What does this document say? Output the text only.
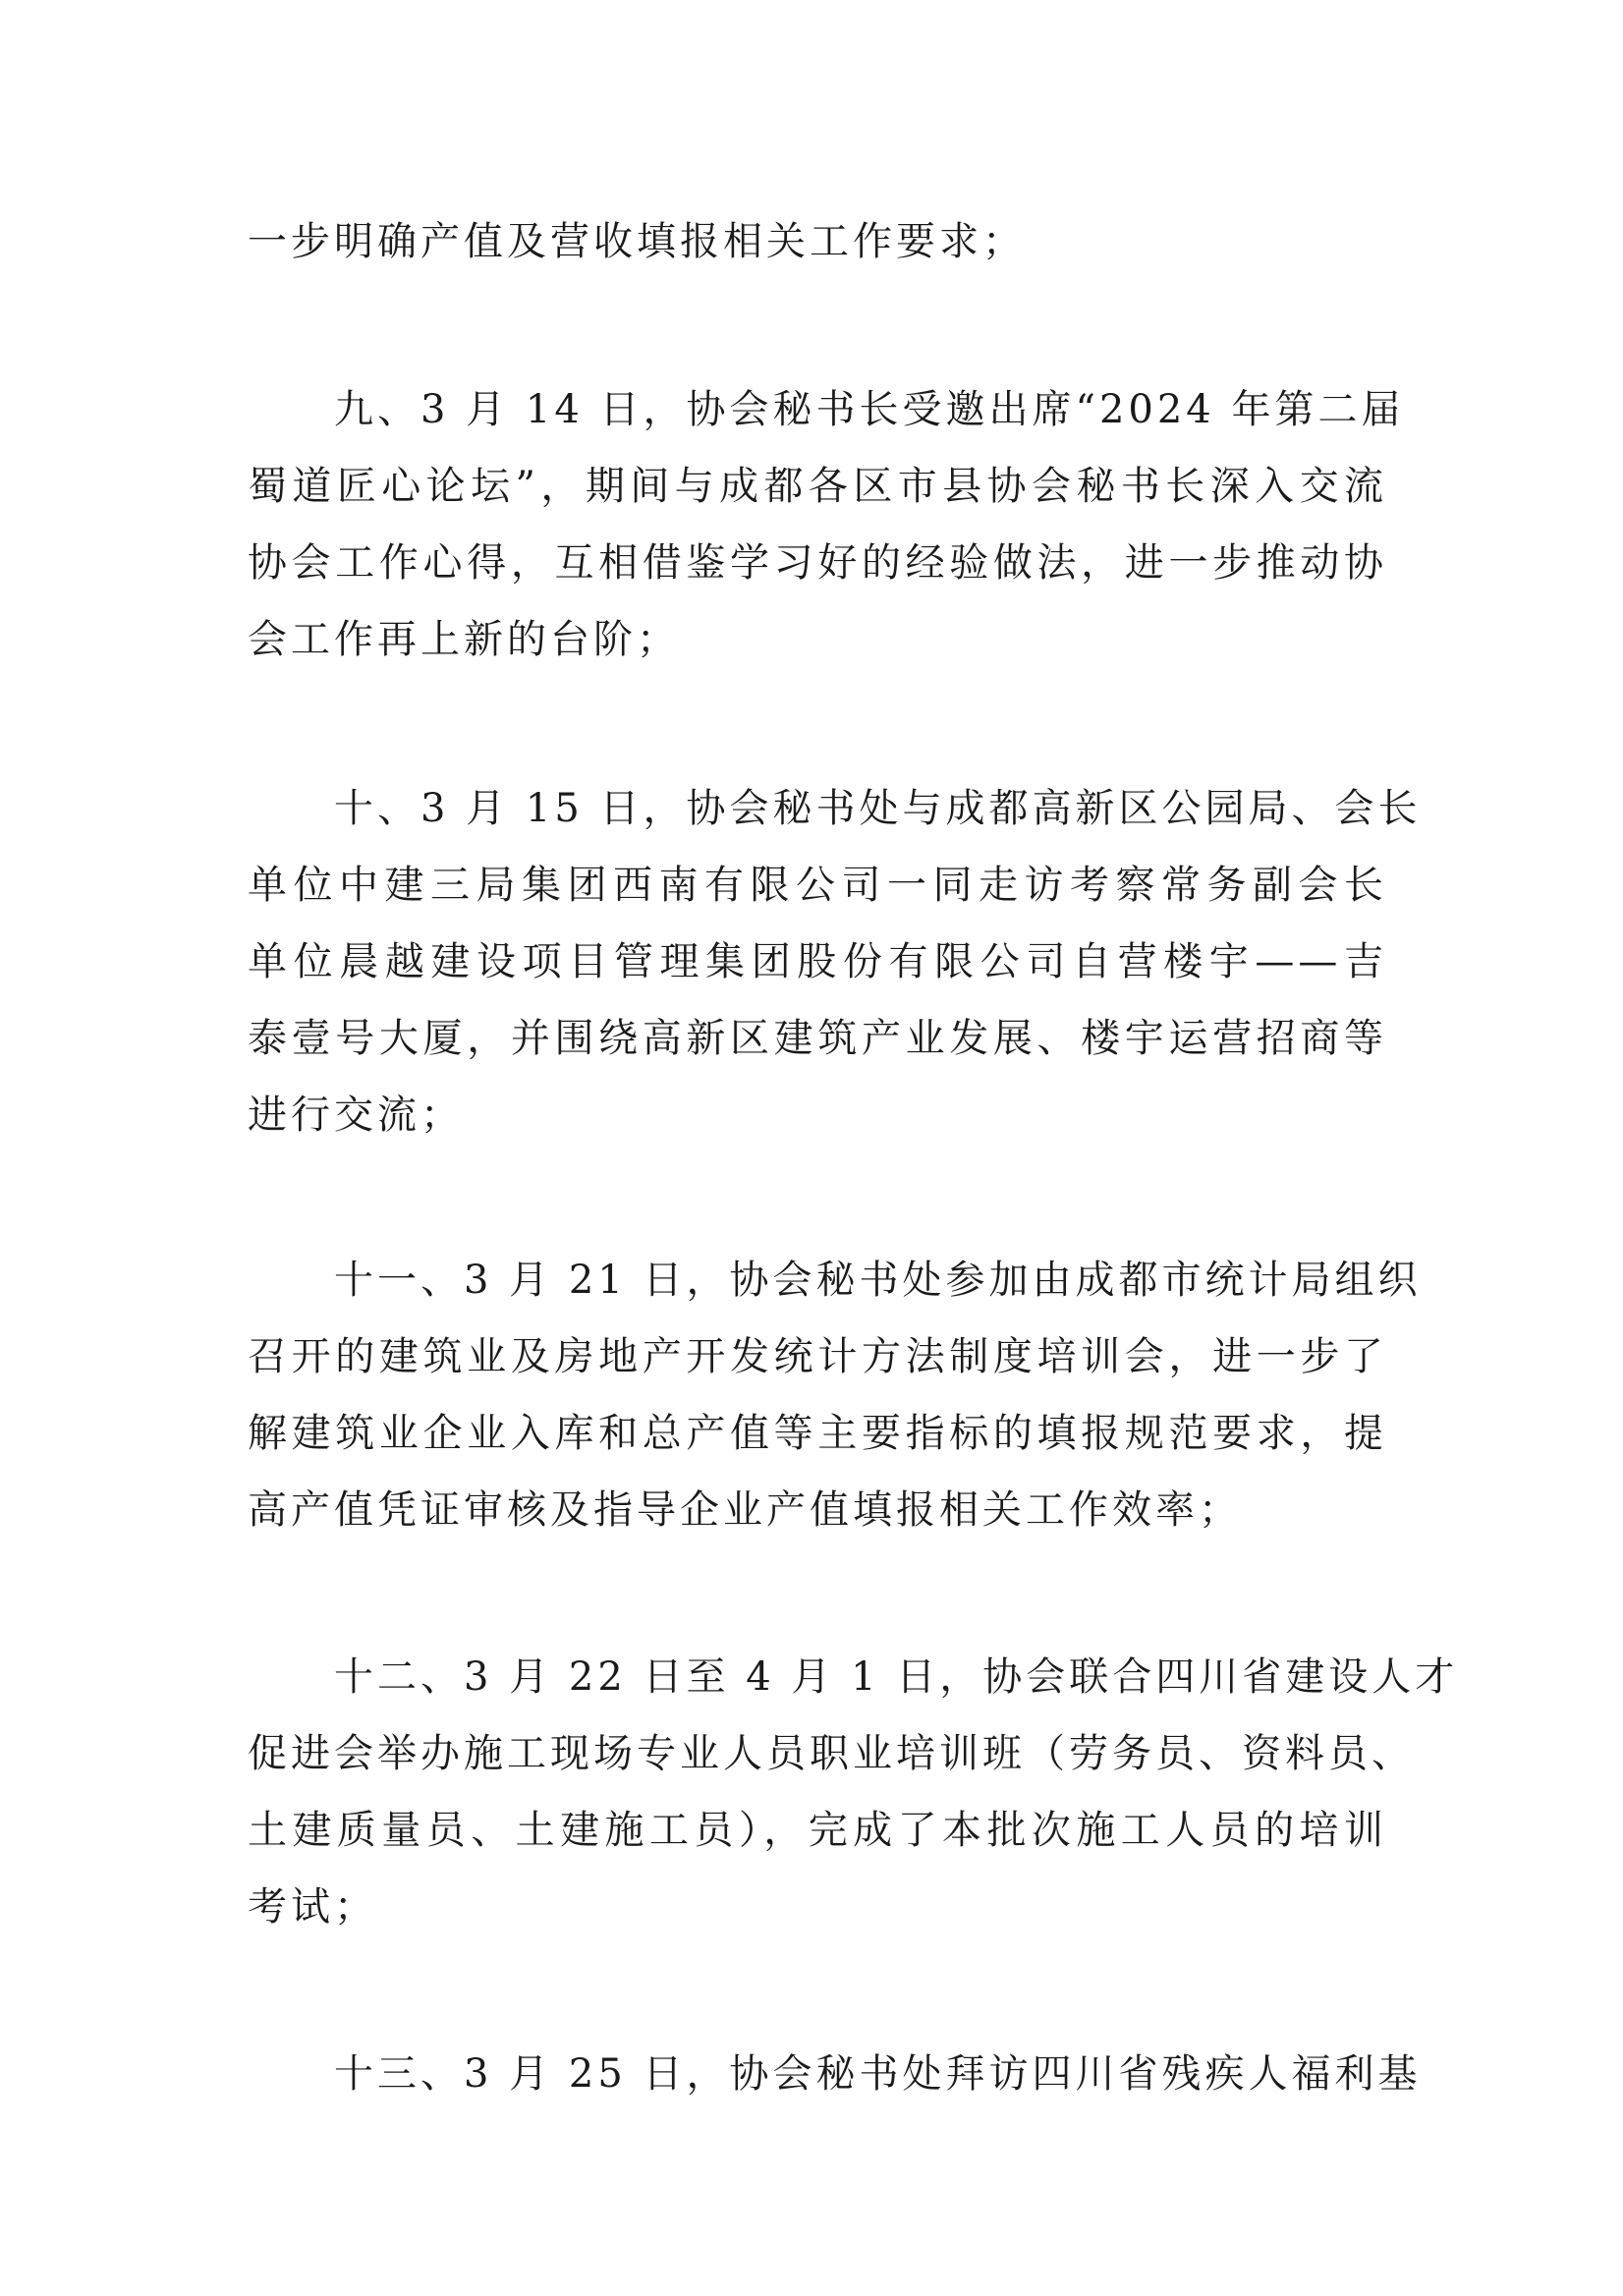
一步明确产值及营收填报相关工作要求；
九、3 月 14 日，协会秘书长受邀出席“2024 年第二届
蜀道匠心论坛”，期间与成都各区市县协会秘书长深入交流
协会工作心得，互相借鉴学习好的经验做法，进一步推动协
会工作再上新的台阶；
十、3 月 15 日，协会秘书处与成都高新区公园局、会长
单位中建三局集团西南有限公司一同走访考察常务副会长
单位晨越建设项目管理集团股份有限公司自营楼宇——吉
泰壹号大厦，并围绕高新区建筑产业发展、楼宇运营招商等
进行交流；
十一、3 月 21 日，协会秘书处参加由成都市统计局组织
召开的建筑业及房地产开发统计方法制度培训会，进一步了
解建筑业企业入库和总产值等主要指标的填报规范要求，提
高产值凭证审核及指导企业产值填报相关工作效率；
十二、3 月 22 日至 4 月 1 日，协会联合四川省建设人才
促进会举办施工现场专业人员职业培训班（劳务员、资料员、
土建质量员、土建施工员），完成了本批次施工人员的培训
考试；
十三、3 月 25 日，协会秘书处拜访四川省残疾人福利基
